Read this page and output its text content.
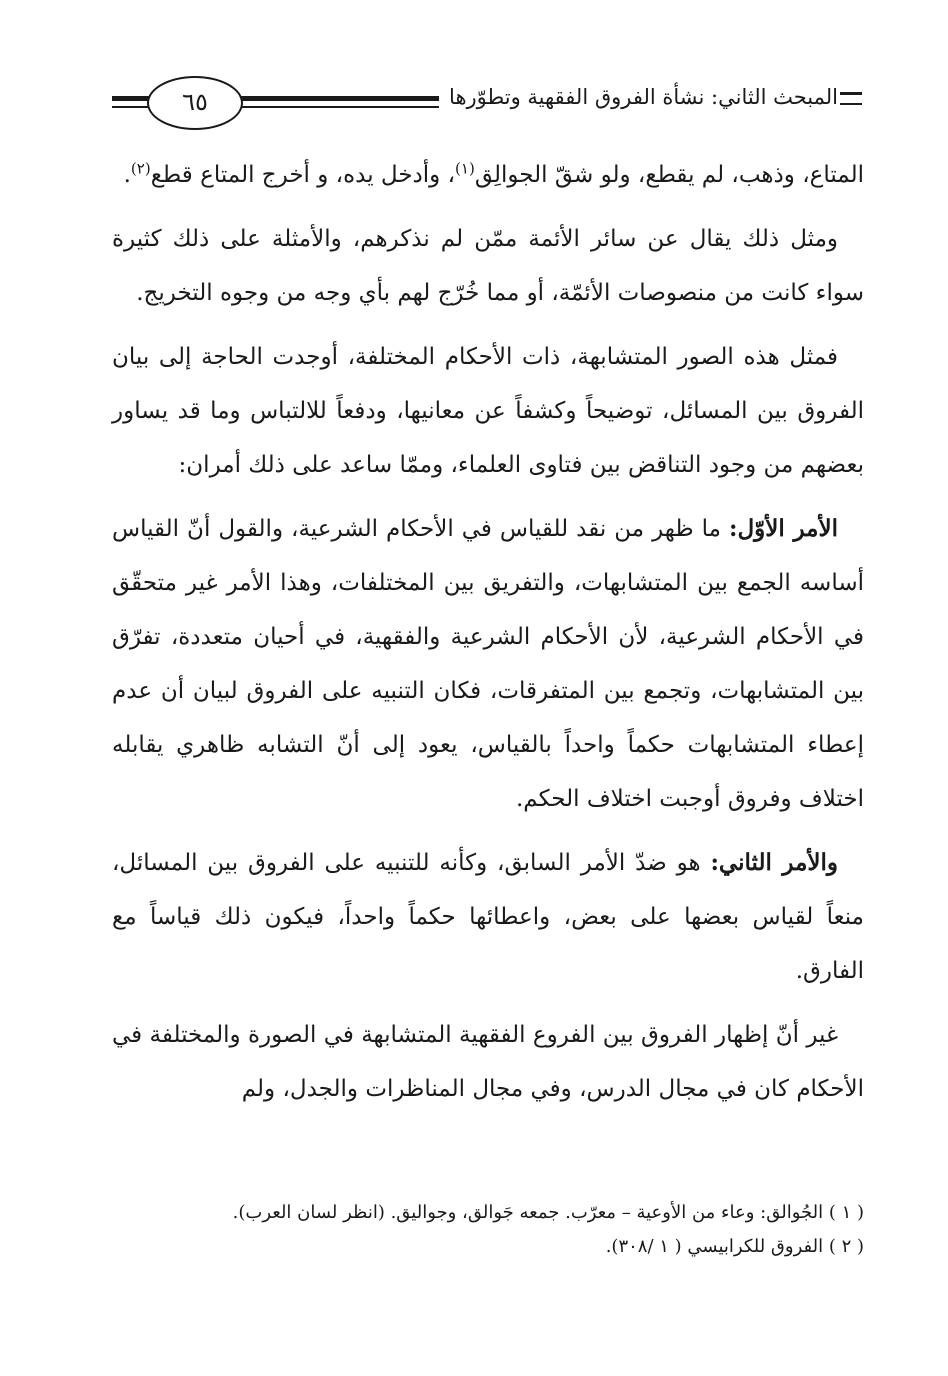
المبحث الثاني: نشأة الفروق الفقهية وتطوّرها
٦٥

المتاع، وذهب، لم يقطع، ولو شقّ الجوالِق$^{(١)}$، وأدخل يده، و أخرج المتاع قطع$^{(٢)}$.

ومثل ذلك يقال عن سائر الأئمة ممّن لم نذكرهم، والأمثلة على ذلك كثيرة سواء كانت من منصوصات الأئمّة، أو مما خُرّج لهم بأي وجه من وجوه التخريج.

فمثل هذه الصور المتشابهة، ذات الأحكام المختلفة، أوجدت الحاجة إلى بيان الفروق بين المسائل، توضيحاً وكشفاً عن معانيها، ودفعاً للالتباس وما قد يساور بعضهم من وجود التناقض بين فتاوى العلماء، وممّا ساعد على ذلك أمران:

الأمر الأوّل: ما ظهر من نقد للقياس في الأحكام الشرعية، والقول أنّ القياس أساسه الجمع بين المتشابهات، والتفريق بين المختلفات، وهذا الأمر غير متحقّق في الأحكام الشرعية، لأن الأحكام الشرعية والفقهية، في أحيان متعددة، تفرّق بين المتشابهات، وتجمع بين المتفرقات، فكان التنبيه على الفروق لبيان أن عدم إعطاء المتشابهات حكماً واحداً بالقياس، يعود إلى أنّ التشابه ظاهري يقابله اختلاف وفروق أوجبت اختلاف الحكم.

والأمر الثاني: هو ضدّ الأمر السابق، وكأنه للتنبيه على الفروق بين المسائل، منعاً لقياس بعضها على بعض، واعطائها حكماً واحداً، فيكون ذلك قياساً مع الفارق.

غير أنّ إظهار الفروق بين الفروع الفقهية المتشابهة في الصورة والمختلفة في الأحكام كان في مجال الدرس، وفي مجال المناظرات والجدل، ولم

( ١ ) الجُوالق: وعاء من الأوعية – معرّب. جمعه جَوالق، وجواليق. (انظر لسان العرب).

( ٢ ) الفروق للكرابيسي ( ١ /٣٠٨).
